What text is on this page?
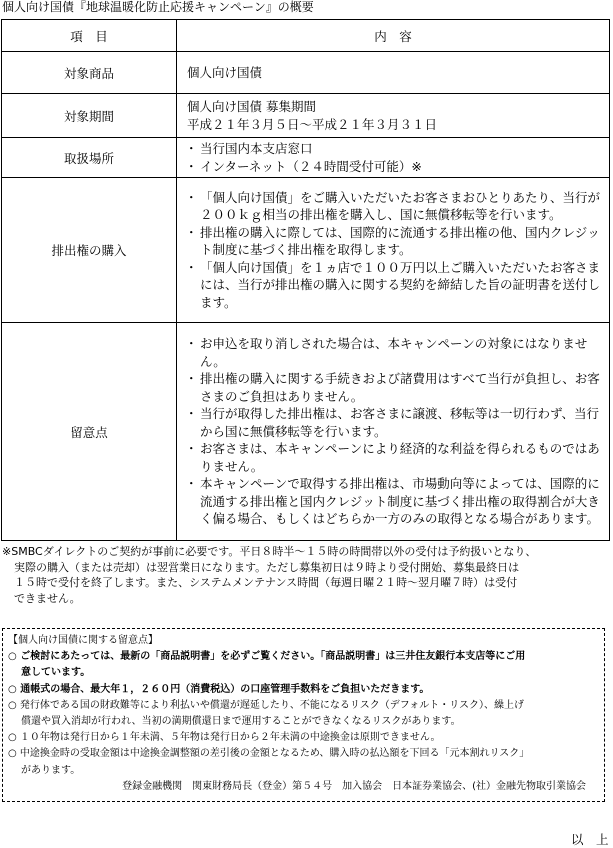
個人向け国債『地球温暖化防止応援キャンペーン』の概要
項　目	内　容
対象商品	個人向け国債

対象期間	個人向け国債 募集期間
平成２１年３月５日～平成２１年３月３１日

取扱場所	・ 当行国内本支店窓口
・ インターネット（２４時間受付可能）※

排出権の購入	・ 「個人向け国債」をご購入いただいたお客さまおひとりあたり、当行が２００ｋｇ相当の排出権を購入し、国に無償移転等を行います。
・ 排出権の購入に際しては、国際的に流通する排出権の他、国内クレジット制度に基づく排出権を取得します。
・ 「個人向け国債」を１ヵ店で１００万円以上ご購入いただいたお客さまには、当行が排出権の購入に関する契約を締結した旨の証明書を送付します。

留意点	・ お申込を取り消しされた場合は、本キャンペーンの対象にはなりません。
・ 排出権の購入に関する手続きおよび諸費用はすべて当行が負担し、お客さまのご負担はありません。
・ 当行が取得した排出権は、お客さまに譲渡、移転等は一切行わず、当行から国に無償移転等を行います。
・ お客さまは、本キャンペーンにより経済的な利益を得られるものではありません。
・ 本キャンペーンで取得する排出権は、市場動向等によっては、国際的に流通する排出権と国内クレジット制度に基づく排出権の取得割合が大きく偏る場合、もしくはどちらか一方のみの取得となる場合があります。
※SMBCダイレクトのご契約が事前に必要です。平日８時半～１５時の時間帯以外の受付は予約扱いとなり、
実際の購入（または売却）は翌営業日になります。ただし募集初日は９時より受付開始、募集最終日は
１５時で受付を終了します。また、システムメンテナンス時間（毎週日曜２１時～翌月曜７時）は受付
できません。

【個人向け国債に関する留意点】

○ ご検討にあたっては、最新の「商品説明書」を必ずご覧ください。「商品説明書」は三井住友銀行本支店等にご用

意しています。

○ 通帳式の場合、最大年１，２６０円（消費税込）の口座管理手数料をご負担いただきます。

○ 発行体である国の財政難等により利払いや償還が遅延したり、不能になるリスク（デフォルト・リスク）、繰上げ

償還や買入消却が行われ、当初の満期償還日まで運用することができなくなるリスクがあります。

○ １０年物は発行日から１年未満、５年物は発行日から２年未満の中途換金は原則できません。

○ 中途換金時の受取金額は中途換金調整額の差引後の金額となるため、購入時の払込額を下回る「元本割れリスク」

があります。

登録金融機関　関東財務局長（登金）第５４号　加入協会　日本証券業協会、(社）金融先物取引業協会

以　上
